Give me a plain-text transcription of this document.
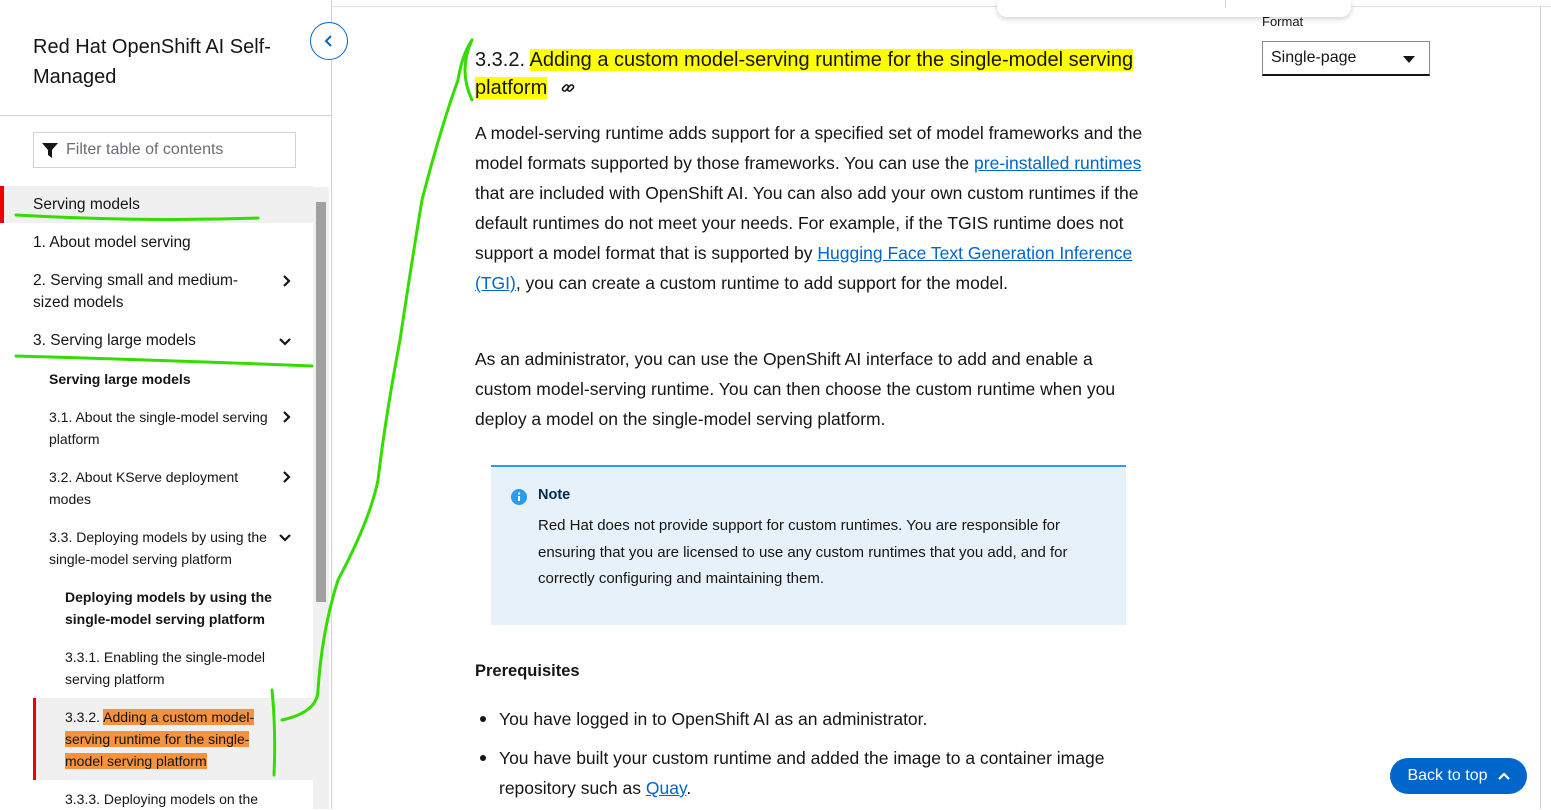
Red Hat OpenShift AI Self-Managed
Filter table of contents
Serving models
1. About model serving
2. Serving small and medium-sized models
3. Serving large models
Serving large models
3.1. About the single-model serving platform
3.2. About KServe deployment modes
3.3. Deploying models by using the single-model serving platform
Deploying models by using the single-model serving platform
3.3.1. Enabling the single-model serving platform
3.3.2. Adding a custom model-serving runtime for the single-model serving platform
3.3.3. Deploying models on the
3.3.2. Adding a custom model-serving runtime for the single-model serving platform
A model-serving runtime adds support for a specified set of model frameworks and the model formats supported by those frameworks. You can use the pre-installed runtimes that are included with OpenShift AI. You can also add your own custom runtimes if the default runtimes do not meet your needs. For example, if the TGIS runtime does not support a model format that is supported by Hugging Face Text Generation Inference (TGI), you can create a custom runtime to add support for the model.
As an administrator, you can use the OpenShift AI interface to add and enable a custom model-serving runtime. You can then choose the custom runtime when you deploy a model on the single-model serving platform.
Note
Red Hat does not provide support for custom runtimes. You are responsible for ensuring that you are licensed to use any custom runtimes that you add, and for correctly configuring and maintaining them.
Prerequisites
You have logged in to OpenShift AI as an administrator.
You have built your custom runtime and added the image to a container image repository such as Quay.
Format
Single-page
Back to top
